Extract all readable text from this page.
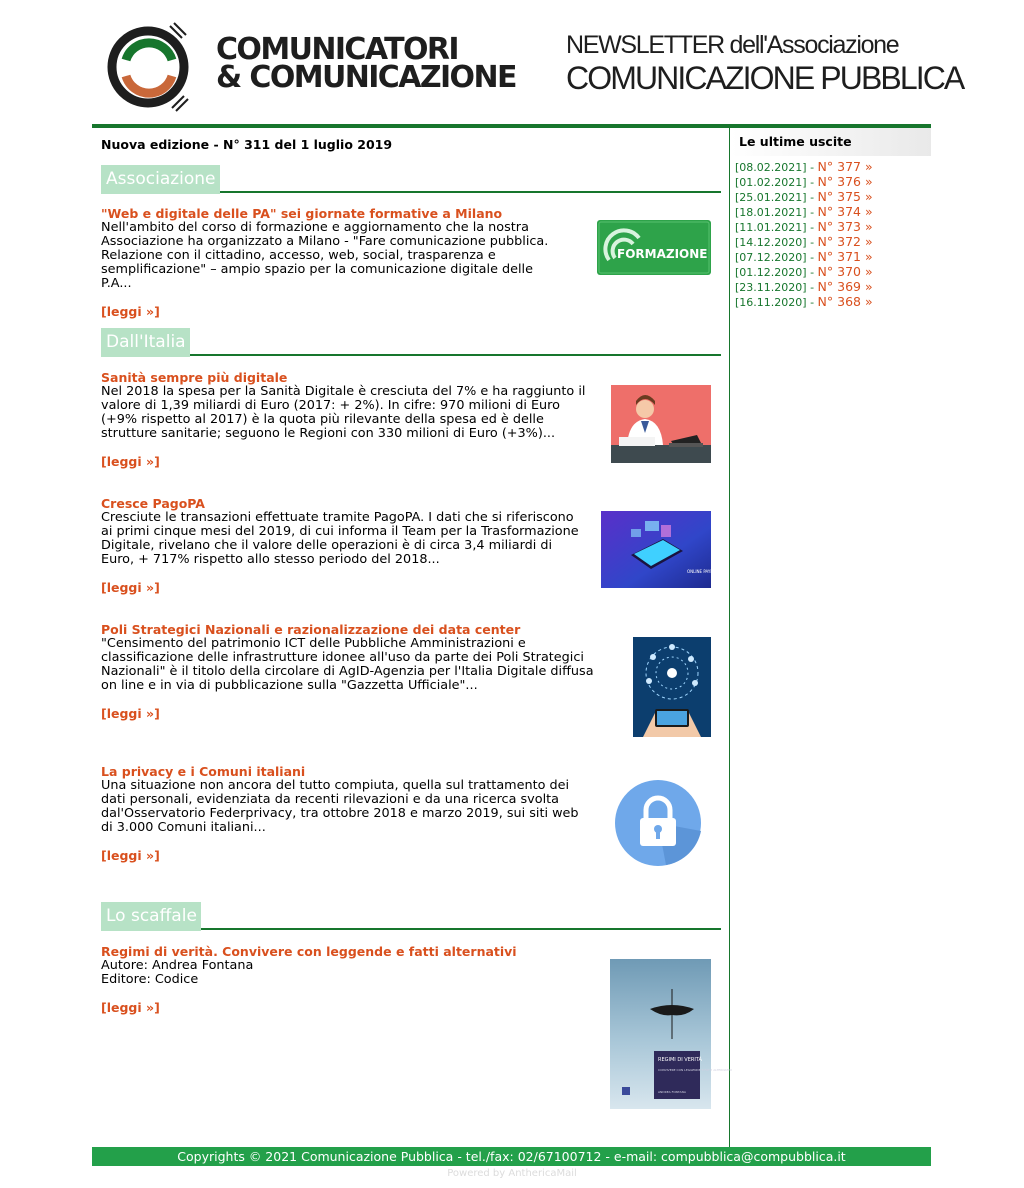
COMUNICATORI
& COMUNICAZIONE
NEWSLETTER dell'Associazione
COMUNICAZIONE PUBBLICA
Nuova edizione - N° 311 del 1 luglio 2019
Associazione
"Web e digitale delle PA" sei giornate formative a Milano
Nell'ambito del corso di formazione e aggiornamento che la nostra Associazione ha organizzato a Milano - "Fare comunicazione pubblica. Relazione con il cittadino, accesso, web, social, trasparenza e semplificazione" – ampio spazio per la comunicazione digitale delle P.A...
[leggi »]
FORMAZIONE
Dall'Italia
Sanità sempre più digitale
Nel 2018 la spesa per la Sanità Digitale è cresciuta del 7% e ha raggiunto il valore di 1,39 miliardi di Euro (2017: + 2%). In cifre: 970 milioni di Euro (+9% rispetto al 2017) è la quota più rilevante della spesa ed è delle strutture sanitarie; seguono le Regioni con 330 milioni di Euro (+3%)...
[leggi »]
Cresce PagoPA
Cresciute le transazioni effettuate tramite PagoPA. I dati che si riferiscono ai primi cinque mesi del 2019, di cui informa il Team per la Trasformazione Digitale, rivelano che il valore delle operazioni è di circa 3,4 miliardi di Euro, + 717% rispetto allo stesso periodo del 2018...
[leggi »]
ONLINE PAYMENT
Poli Strategici Nazionali e razionalizzazione dei data center
"Censimento del patrimonio ICT delle Pubbliche Amministrazioni e classificazione delle infrastrutture idonee all'uso da parte dei Poli Strategici Nazionali" è il titolo della circolare di AgID-Agenzia per l'Italia Digitale diffusa on line e in via di pubblicazione sulla "Gazzetta Ufficiale"...
[leggi »]
La privacy e i Comuni italiani
Una situazione non ancora del tutto compiuta, quella sul trattamento dei dati personali, evidenziata da recenti rilevazioni e da una ricerca svolta dal'Osservatorio Federprivacy, tra ottobre 2018 e marzo 2019, sui siti web di 3.000 Comuni italiani...
[leggi »]
Lo scaffale
Regimi di verità. Convivere con leggende e fatti alternativi
Autore: Andrea Fontana
Editore: Codice
[leggi »]
REGIMI DI VERITÀ
CONVIVERE CON LEGGENDE E FATTI ALTERNATIVI
ANDREA FONTANA
Le ultime uscite
[08.02.2021] - N° 377 »
[01.02.2021] - N° 376 »
[25.01.2021] - N° 375 »
[18.01.2021] - N° 374 »
[11.01.2021] - N° 373 »
[14.12.2020] - N° 372 »
[07.12.2020] - N° 371 »
[01.12.2020] - N° 370 »
[23.11.2020] - N° 369 »
[16.11.2020] - N° 368 »
Copyrights © 2021 Comunicazione Pubblica - tel./fax: 02/67100712 - e-mail: compubblica@compubblica.it
Powered by AnthericaMail
